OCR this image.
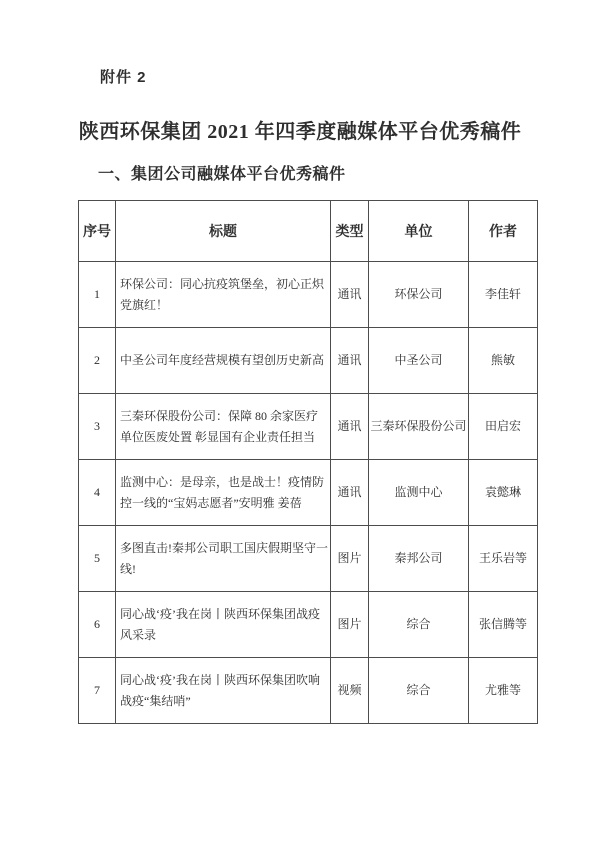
附件 2
陕西环保集团 2021 年四季度融媒体平台优秀稿件
一、集团公司融媒体平台优秀稿件
序号	标题	类型	单位	作者
1	环保公司：同心抗疫筑堡垒，初心正炽党旗红！	通讯	环保公司	李佳轩
2	中圣公司年度经营规模有望创历史新高	通讯	中圣公司	熊敏
3	三秦环保股份公司：保障 80 余家医疗单位医废处置 彰显国有企业责任担当	通讯	三秦环保股份公司	田启宏
4	监测中心：是母亲，也是战士！疫情防控一线的“宝妈志愿者”安明雅 姜蓓	通讯	监测中心	袁懿琳
5	多图直击!秦邦公司职工国庆假期坚守一线!	图片	秦邦公司	王乐岩等
6	同心战‘疫’我在岗丨陕西环保集团战疫风采录	图片	综合	张信腾等
7	同心战‘疫’我在岗丨陕西环保集团吹响战疫“集结哨”	视频	综合	尤雅等
